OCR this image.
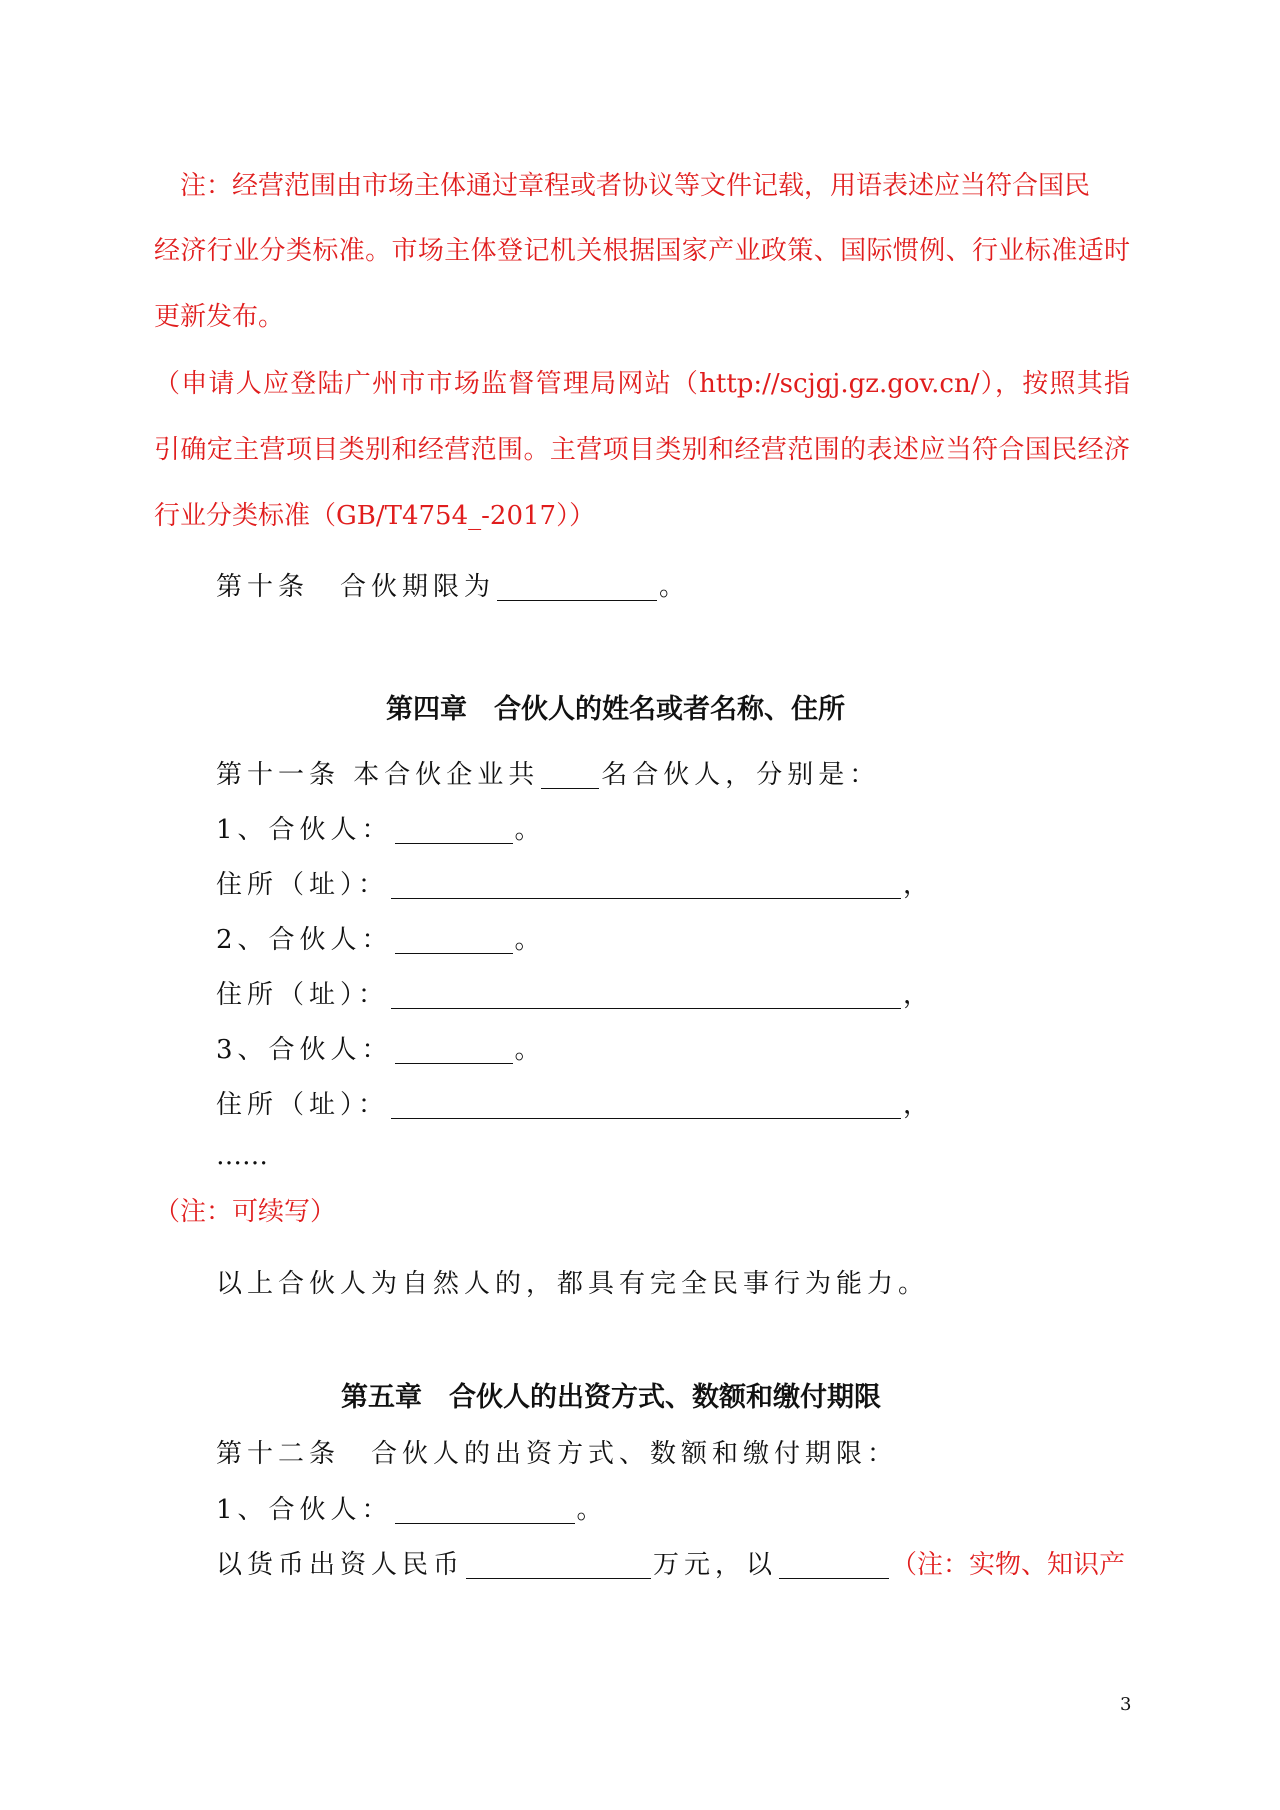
注：经营范围由市场主体通过章程或者协议等文件记载，用语表述应当符合国民
经济行业分类标准。市场主体登记机关根据国家产业政策、国际惯例、行业标准适时
更新发布。
（申请人应登陆广州市市场监督管理局网站（http://scjgj.gz.gov.cn/），按照其指
引确定主营项目类别和经营范围。主营项目类别和经营范围的表述应当符合国民经济
行业分类标准（GB/T4754_-2017））
第十条　合伙期限为	。
第四章　合伙人的姓名或者名称、住所
第十一条 本合伙企业共 名合伙人，分别是：
1、合伙人：	。
住所（址）：	，
2、合伙人：	。
住所（址）：	，
3、合伙人：	。
住所（址）：	，
……
（注：可续写）
以上合伙人为自然人的，都具有完全民事行为能力。
第五章　合伙人的出资方式、数额和缴付期限
第十二条　合伙人的出资方式、数额和缴付期限：
1、合伙人：	。
以货币出资人民币	万元，以	（注：实物、知识产
3
